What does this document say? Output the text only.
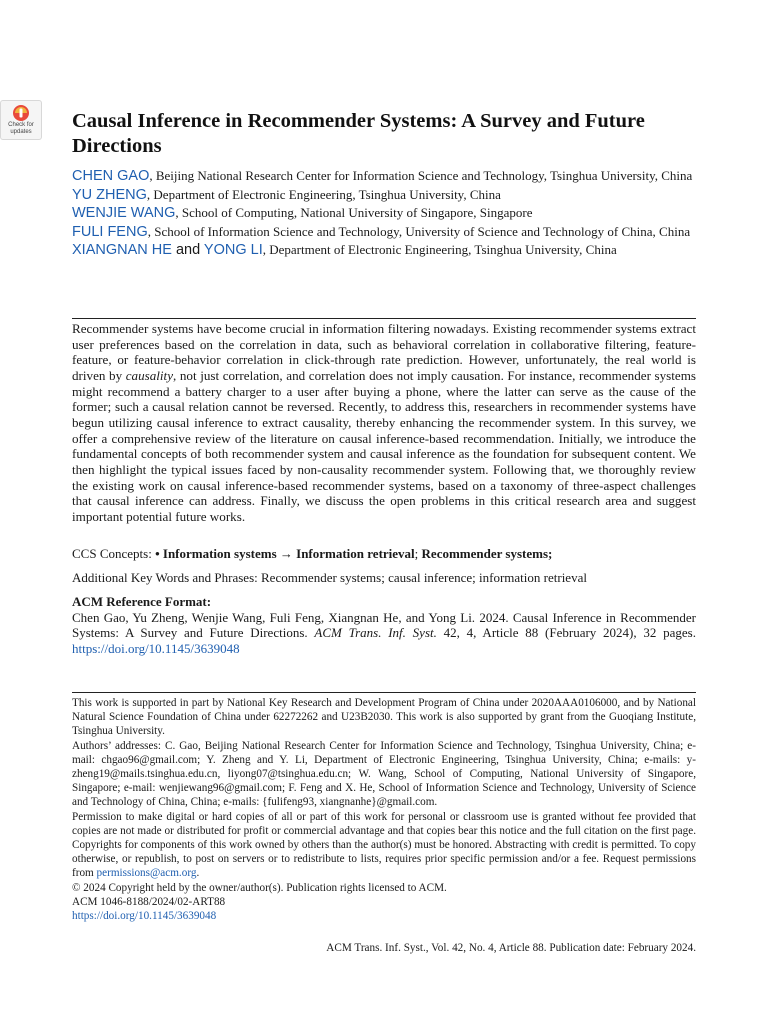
Check for
updates	Causal Inference in Recommender Systems: A Survey and Future Directions

CHEN GAO, Beijing National Research Center for Information Science and Technology, Tsinghua University, China

YU ZHENG, Department of Electronic Engineering, Tsinghua University, China

WENJIE WANG, School of Computing, National University of Singapore, Singapore

FULI FENG, School of Information Science and Technology, University of Science and Technology of China, China

XIANGNAN HE and YONG LI, Department of Electronic Engineering, Tsinghua University, China

Recommender systems have become crucial in information filtering nowadays. Existing recommender systems extract user preferences based on the correlation in data, such as behavioral correlation in collaborative filtering, feature-feature, or feature-behavior correlation in click-through rate prediction. However, unfortunately, the real world is driven by causality, not just correlation, and correlation does not imply causation. For instance, recommender systems might recommend a battery charger to a user after buying a phone, where the latter can serve as the cause of the former; such a causal relation cannot be reversed. Recently, to address this, researchers in recommender systems have begun utilizing causal inference to extract causality, thereby enhancing the recommender system. In this survey, we offer a comprehensive review of the literature on causal inference-based recommendation. Initially, we introduce the fundamental concepts of both recommender system and causal inference as the foundation for subsequent content. We then highlight the typical issues faced by non-causality recommender system. Following that, we thoroughly review the existing work on causal inference-based recommender systems, based on a taxonomy of three-aspect challenges that causal inference can address. Finally, we discuss the open problems in this critical research area and suggest important potential future works.

CCS Concepts: • Information systems → Information retrieval; Recommender systems;

Additional Key Words and Phrases: Recommender systems; causal inference; information retrieval

ACM Reference Format:
Chen Gao, Yu Zheng, Wenjie Wang, Fuli Feng, Xiangnan He, and Yong Li. 2024. Causal Inference in Recommender Systems: A Survey and Future Directions. ACM Trans. Inf. Syst. 42, 4, Article 88 (February 2024), 32 pages. https://doi.org/10.1145/3639048

This work is supported in part by National Key Research and Development Program of China under 2020AAA0106000, and by National Natural Science Foundation of China under 62272262 and U23B2030. This work is also supported by grant from the Guoqiang Institute, Tsinghua University.

Authors’ addresses: C. Gao, Beijing National Research Center for Information Science and Technology, Tsinghua University, China; e-mail: chgao96@gmail.com; Y. Zheng and Y. Li, Department of Electronic Engineering, Tsinghua University, China; e-mails: y-zheng19@mails.tsinghua.edu.cn, liyong07@tsinghua.edu.cn; W. Wang, School of Computing, National University of Singapore, Singapore; e-mail: wenjiewang96@gmail.com; F. Feng and X. He, School of Information Science and Technology, University of Science and Technology of China, China; e-mails: {fulifeng93, xiangnanhe}@gmail.com.

Permission to make digital or hard copies of all or part of this work for personal or classroom use is granted without fee provided that copies are not made or distributed for profit or commercial advantage and that copies bear this notice and the full citation on the first page. Copyrights for components of this work owned by others than the author(s) must be honored. Abstracting with credit is permitted. To copy otherwise, or republish, to post on servers or to redistribute to lists, requires prior specific permission and/or a fee. Request permissions from permissions@acm.org.

© 2024 Copyright held by the owner/author(s). Publication rights licensed to ACM.

ACM 1046-8188/2024/02-ART88

https://doi.org/10.1145/3639048

ACM Trans. Inf. Syst., Vol. 42, No. 4, Article 88. Publication date: February 2024.
